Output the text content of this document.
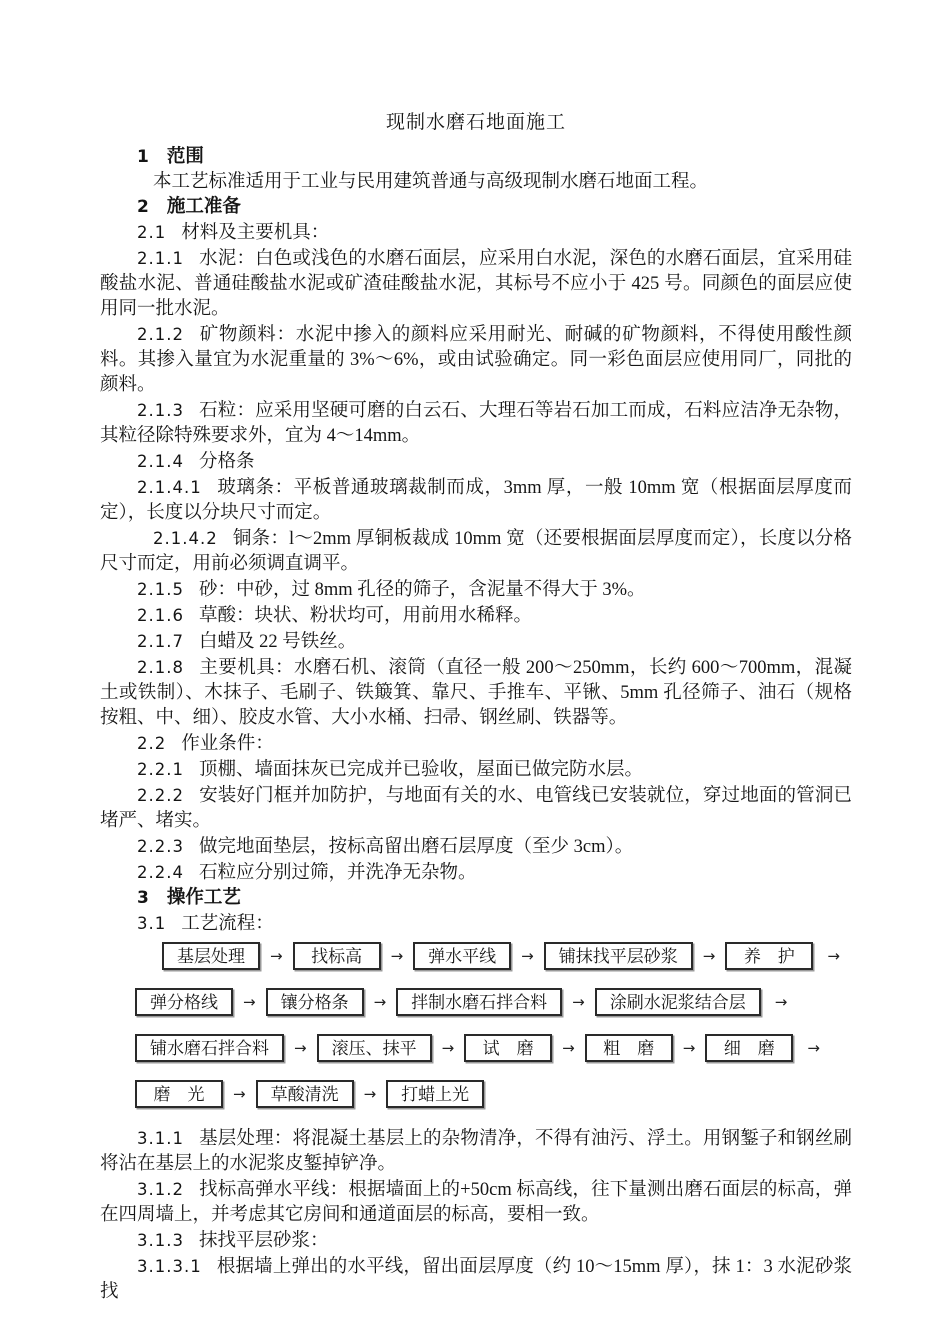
现制水磨石地面施工

1 范围

本工艺标准适用于工业与民用建筑普通与高级现制水磨石地面工程。

2 施工准备

2.1 材料及主要机具：

2.1.1 水泥：白色或浅色的水磨石面层，应采用白水泥，深色的水磨石面层，宜采用硅酸盐水泥、普通硅酸盐水泥或矿渣硅酸盐水泥，其标号不应小于 425 号。同颜色的面层应使用同一批水泥。

2.1.2 矿物颜料：水泥中掺入的颜料应采用耐光、耐碱的矿物颜料，不得使用酸性颜料。其掺入量宜为水泥重量的 3%～6%，或由试验确定。同一彩色面层应使用同厂，同批的颜料。

2.1.3 石粒：应采用坚硬可磨的白云石、大理石等岩石加工而成，石料应洁净无杂物，其粒径除特殊要求外，宜为 4～14mm。

2.1.4 分格条

2.1.4.1 玻璃条：平板普通玻璃裁制而成，3mm 厚，一般 10mm 宽（根据面层厚度而定），长度以分块尺寸而定。

2.1.4.2 铜条：l～2mm 厚铜板裁成 10mm 宽（还要根据面层厚度而定），长度以分格尺寸而定，用前必须调直调平。

2.1.5 砂：中砂，过 8mm 孔径的筛子，含泥量不得大于 3%。

2.1.6 草酸：块状、粉状均可，用前用水稀释。

2.1.7 白蜡及 22 号铁丝。

2.1.8 主要机具：水磨石机、滚筒（直径一般 200～250mm，长约 600～700mm，混凝土或铁制）、木抹子、毛刷子、铁簸箕、靠尺、手推车、平锹、5mm 孔径筛子、油石（规格按粗、中、细）、胶皮水管、大小水桶、扫帚、钢丝刷、铁器等。

2.2 作业条件：

2.2.1 顶棚、墙面抹灰已完成并已验收，屋面已做完防水层。

2.2.2 安装好门框并加防护，与地面有关的水、电管线已安装就位，穿过地面的管洞已堵严、堵实。

2.2.3 做完地面垫层，按标高留出磨石层厚度（至少 3cm）。

2.2.4 石粒应分别过筛，并洗净无杂物。

3 操作工艺

3.1 工艺流程：

基层处理	→	找标高	→	弹水平线	→	铺抹找平层砂浆	→	养　护	→
弹分格线	→	镶分格条	→	拌制水磨石拌合料	→	涂刷水泥浆结合层	→
铺水磨石拌合料	→	滚压、抹平	→	试　磨	→	粗　磨	→	细　磨	→
磨　光	→	草酸清洗	→	打蜡上光

3.1.1 基层处理：将混凝土基层上的杂物清净，不得有油污、浮土。用钢錾子和钢丝刷将沾在基层上的水泥浆皮錾掉铲净。

3.1.2 找标高弹水平线：根据墙面上的+50cm 标高线，往下量测出磨石面层的标高，弹在四周墙上，并考虑其它房间和通道面层的标高，要相一致。

3.1.3 抹找平层砂浆：

3.1.3.1 根据墙上弹出的水平线，留出面层厚度（约 10～15mm 厚），抹 1：3 水泥砂浆找
